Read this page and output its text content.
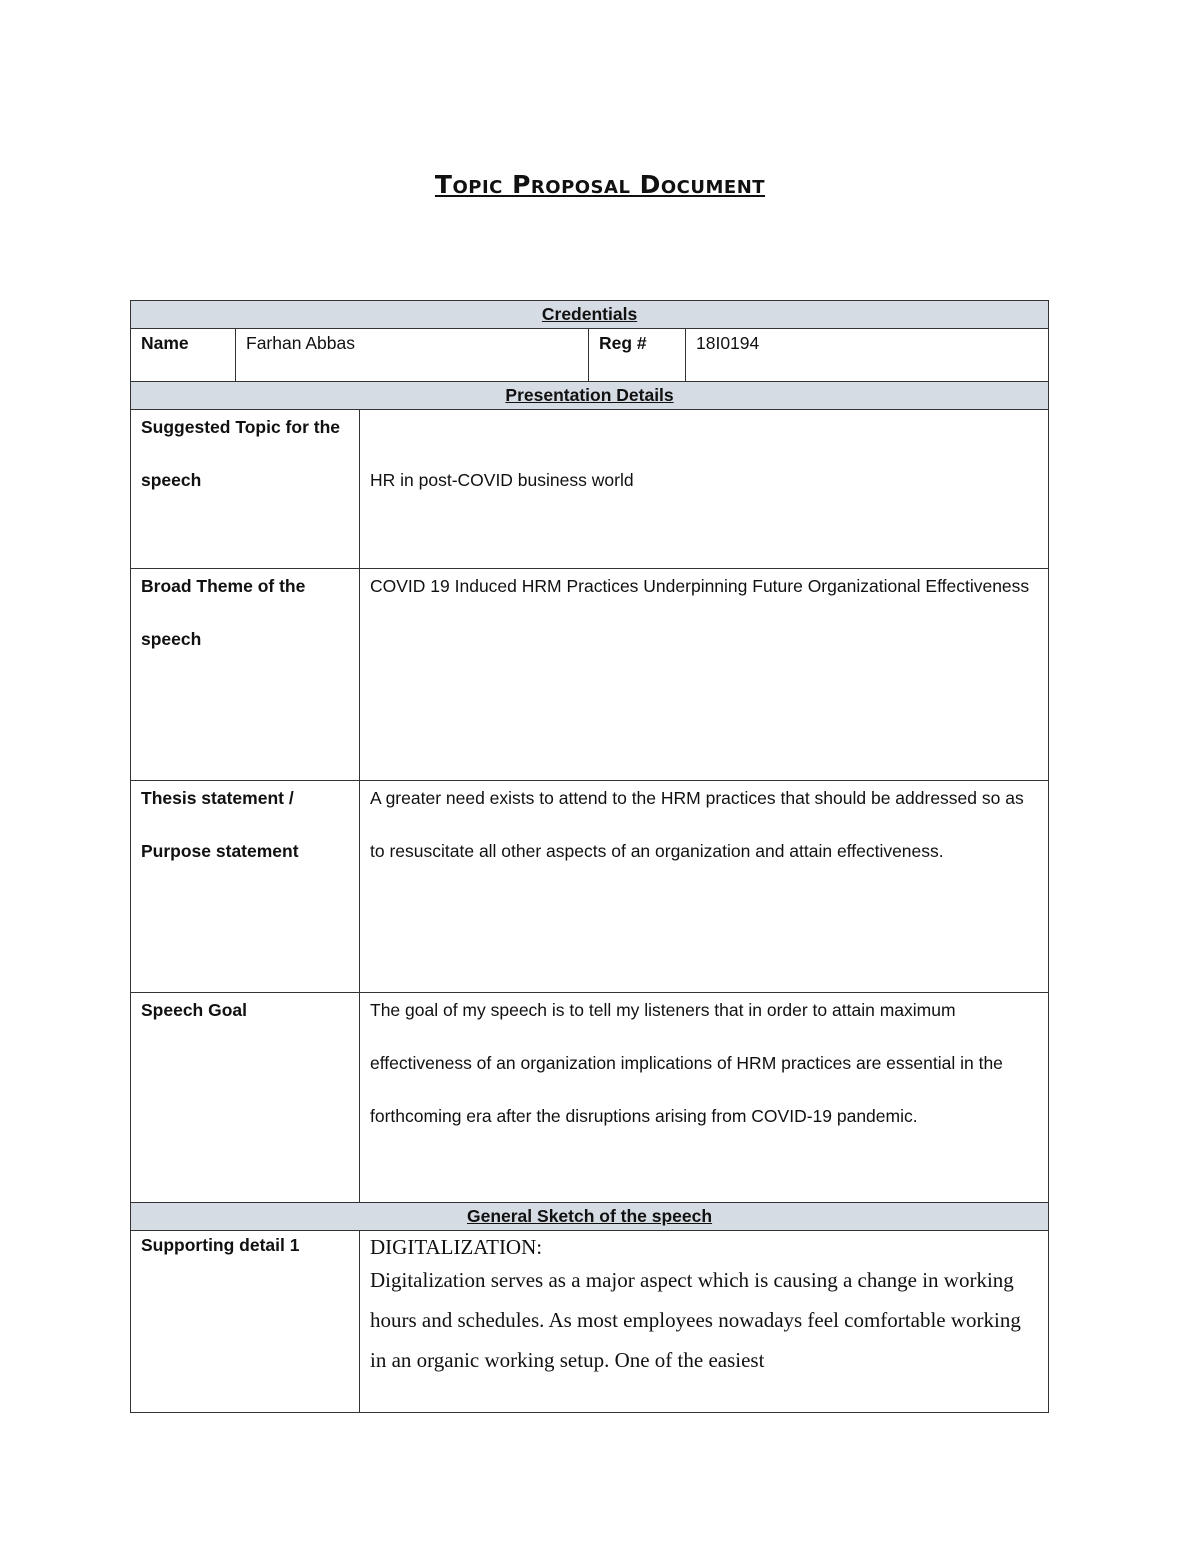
Topic Proposal Document
Credentials				
Name	Farhan Abbas		Reg #	18I0194
Presentation Details				

Suggested Topic for the speech		HR in post-COVID business world		

Broad Theme of the speech		COVID 19 Induced HRM Practices Underpinning Future Organizational Effectiveness		

Thesis statement / Purpose statement		A greater need exists to attend to the HRM practices that should be addressed so as to resuscitate all other aspects of an organization and attain effectiveness.		

Speech Goal		The goal of my speech is to tell my listeners that in order to attain maximum effectiveness of an organization implications of HRM practices are essential in the forthcoming era after the disruptions arising from COVID-19 pandemic.		

General Sketch of the speech				
Supporting detail 1		DIGITALIZATION:
Digitalization serves as a major aspect which is causing a change in working hours and schedules. As most employees nowadays feel comfortable working in an organic working setup. One of the easiest		
